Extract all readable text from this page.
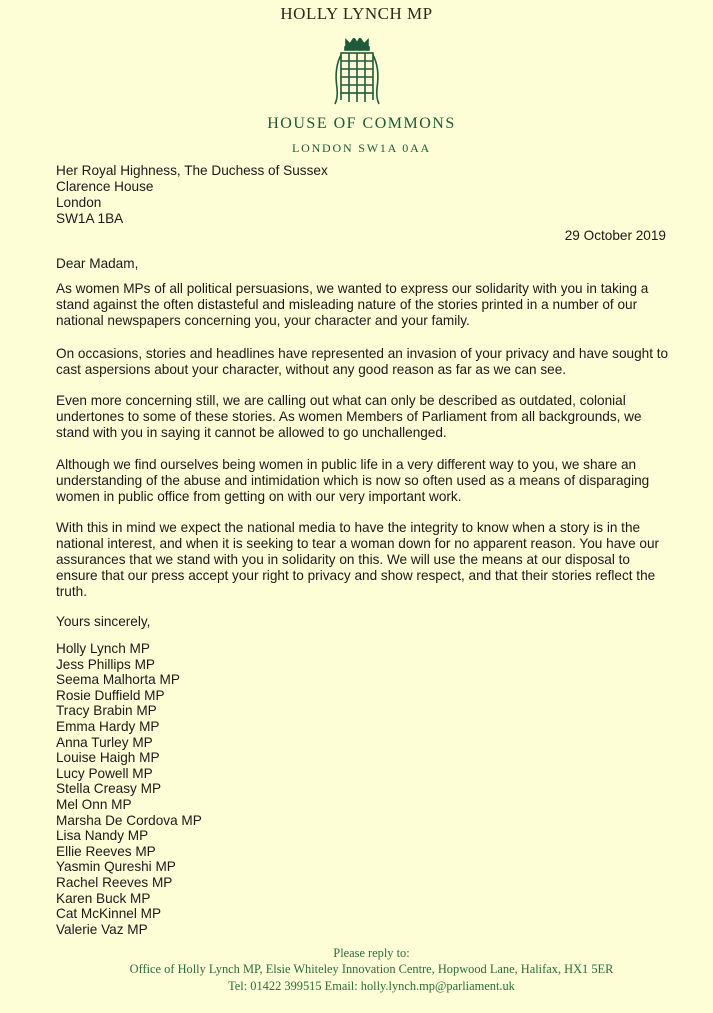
HOLLY LYNCH MP
HOUSE OF COMMONS
LONDON SW1A 0AA
Her Royal Highness, The Duchess of Sussex
Clarence House
London
SW1A 1BA
29 October 2019
Dear Madam,
As women MPs of all political persuasions, we wanted to express our solidarity with you in taking a stand against the often distasteful and misleading nature of the stories printed in a number of our national newspapers concerning you, your character and your family.
On occasions, stories and headlines have represented an invasion of your privacy and have sought to cast aspersions about your character, without any good reason as far as we can see.
Even more concerning still, we are calling out what can only be described as outdated, colonial undertones to some of these stories. As women Members of Parliament from all backgrounds, we stand with you in saying it cannot be allowed to go unchallenged.
Although we find ourselves being women in public life in a very different way to you, we share an understanding of the abuse and intimidation which is now so often used as a means of disparaging women in public office from getting on with our very important work.
With this in mind we expect the national media to have the integrity to know when a story is in the national interest, and when it is seeking to tear a woman down for no apparent reason. You have our assurances that we stand with you in solidarity on this. We will use the means at our disposal to ensure that our press accept your right to privacy and show respect, and that their stories reflect the truth.
Yours sincerely,
Holly Lynch MP
Jess Phillips MP
Seema Malhorta MP
Rosie Duffield MP
Tracy Brabin MP
Emma Hardy MP
Anna Turley MP
Louise Haigh MP
Lucy Powell MP
Stella Creasy MP
Mel Onn MP
Marsha De Cordova MP
Lisa Nandy MP
Ellie Reeves MP
Yasmin Qureshi MP
Rachel Reeves MP
Karen Buck MP
Cat McKinnel MP
Valerie Vaz MP
Please reply to:
Office of Holly Lynch MP, Elsie Whiteley Innovation Centre, Hopwood Lane, Halifax, HX1 5ER
Tel: 01422 399515 Email: holly.lynch.mp@parliament.uk
